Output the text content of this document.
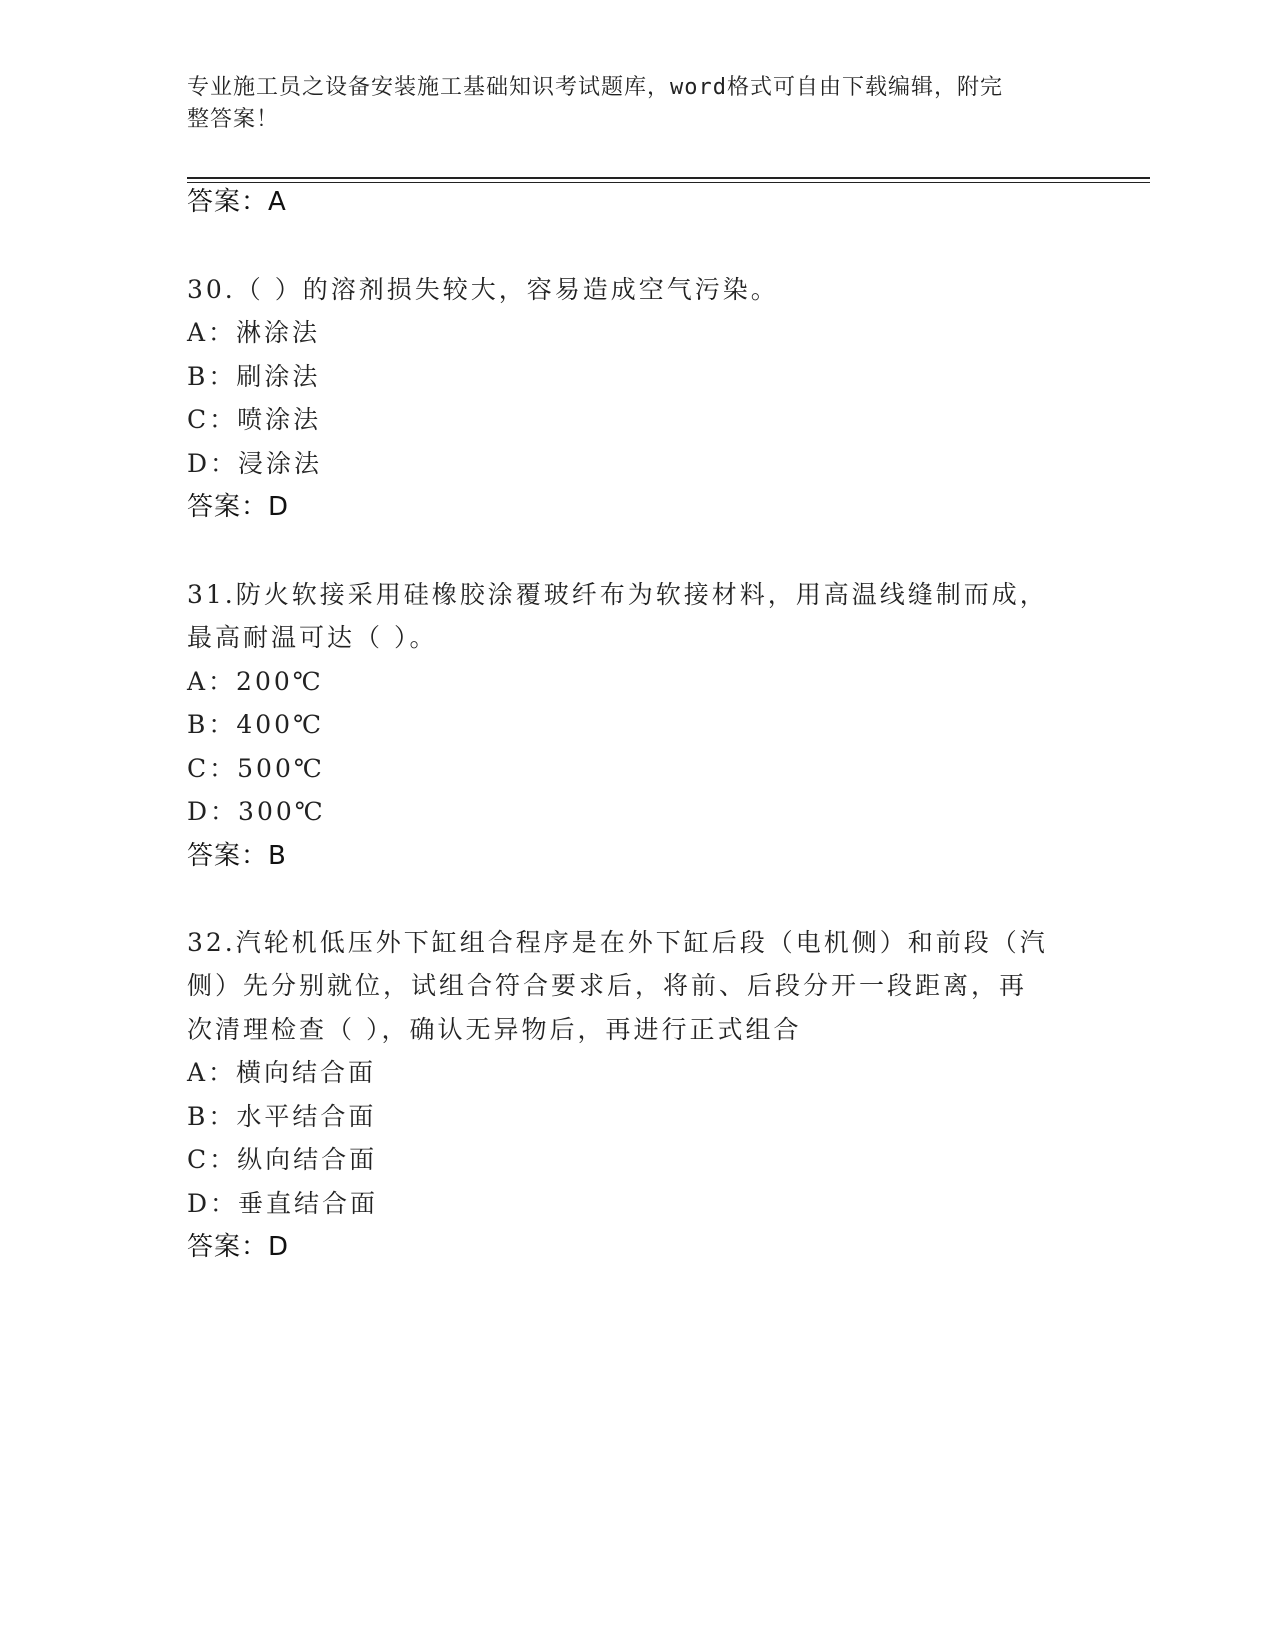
专业施工员之设备安装施工基础知识考试题库，word格式可自由下载编辑，附完
整答案！
答案：A
30.（ ）的溶剂损失较大，容易造成空气污染。
A：淋涂法
B：刷涂法
C：喷涂法
D：浸涂法
答案：D
31.防火软接采用硅橡胶涂覆玻纤布为软接材料，用高温线缝制而成，
最高耐温可达（ ）。
A：200℃
B：400℃
C：500℃
D：300℃
答案：B
32.汽轮机低压外下缸组合程序是在外下缸后段（电机侧）和前段（汽
侧）先分别就位，试组合符合要求后，将前、后段分开一段距离，再
次清理检查（ ），确认无异物后，再进行正式组合
A：横向结合面
B：水平结合面
C：纵向结合面
D：垂直结合面
答案：D
